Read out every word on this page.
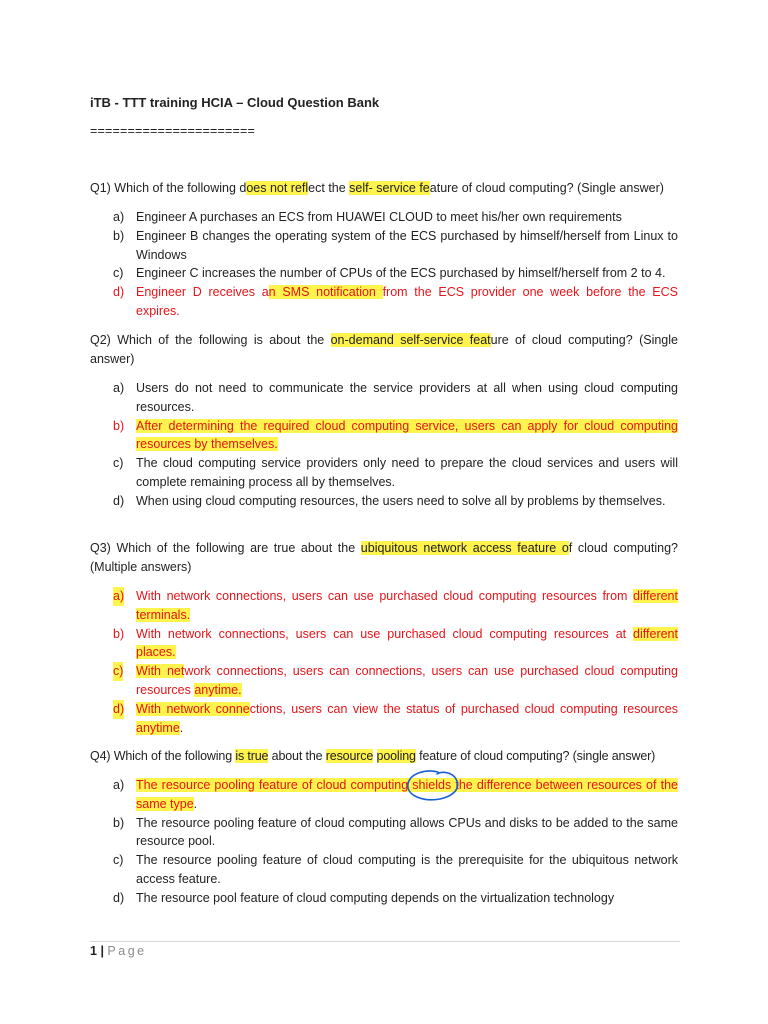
iTB - TTT training HCIA – Cloud Question Bank
======================
Q1) Which of the following does not reflect the self- service feature of cloud computing? (Single answer)
a) Engineer A purchases an ECS from HUAWEI CLOUD to meet his/her own requirements
b) Engineer B changes the operating system of the ECS purchased by himself/herself from Linux to Windows
c) Engineer C increases the number of CPUs of the ECS purchased by himself/herself from 2 to 4.
d) Engineer D receives an SMS notification from the ECS provider one week before the ECS expires.
Q2) Which of the following is about the on-demand self-service feature of cloud computing? (Single answer)
a) Users do not need to communicate the service providers at all when using cloud computing resources.
b) After determining the required cloud computing service, users can apply for cloud computing resources by themselves.
c) The cloud computing service providers only need to prepare the cloud services and users will complete remaining process all by themselves.
d) When using cloud computing resources, the users need to solve all by problems by themselves.
Q3) Which of the following are true about the ubiquitous network access feature of cloud computing? (Multiple answers)
a) With network connections, users can use purchased cloud computing resources from different terminals.
b) With network connections, users can use purchased cloud computing resources at different places.
c) With network connections, users can connections, users can use purchased cloud computing resources anytime.
d) With network connections, users can view the status of purchased cloud computing resources anytime.
Q4) Which of the following is true about the resource pooling feature of cloud computing? (single answer)
a) The resource pooling feature of cloud computing shields the difference between resources of the same type.
b) The resource pooling feature of cloud computing allows CPUs and disks to be added to the same resource pool.
c) The resource pooling feature of cloud computing is the prerequisite for the ubiquitous network access feature.
d) The resource pool feature of cloud computing depends on the virtualization technology
1 | Page
